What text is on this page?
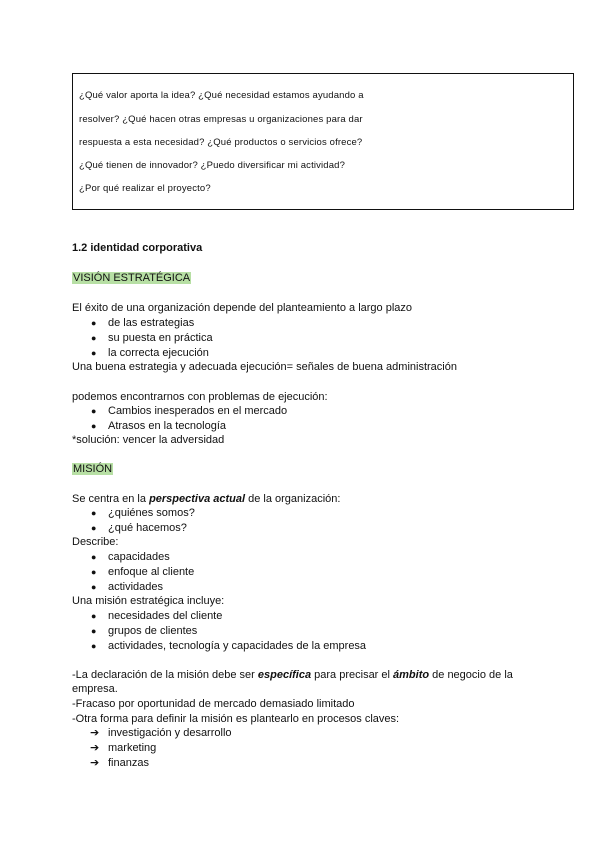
¿Qué valor aporta la idea? ¿Qué necesidad estamos ayudando a

resolver? ¿Qué hacen otras empresas u organizaciones para dar

respuesta a esta necesidad? ¿Qué productos o servicios ofrece?

¿Qué tienen de innovador? ¿Puedo diversificar mi actividad?

¿Por qué realizar el proyecto?

1.2 identidad corporativa

VISIÓN ESTRATÉGICA

El éxito de una organización depende del planteamiento a largo plazo

● de las estrategias

● su puesta en práctica

● la correcta ejecución

Una buena estrategia y adecuada ejecución= señales de buena administración

podemos encontrarnos con problemas de ejecución:

● Cambios inesperados en el mercado

● Atrasos en la tecnología

*solución: vencer la adversidad

MISIÓN

Se centra en la perspectiva actual de la organización:

● ¿quiénes somos?

● ¿qué hacemos?

Describe:

● capacidades

● enfoque al cliente

● actividades

Una misión estratégica incluye:

● necesidades del cliente

● grupos de clientes

● actividades, tecnología y capacidades de la empresa

-La declaración de la misión debe ser específica para precisar el ámbito de negocio de la

empresa.

-Fracaso por oportunidad de mercado demasiado limitado

-Otra forma para definir la misión es plantearlo en procesos claves:

➔ investigación y desarrollo

➔ marketing

➔ finanzas
